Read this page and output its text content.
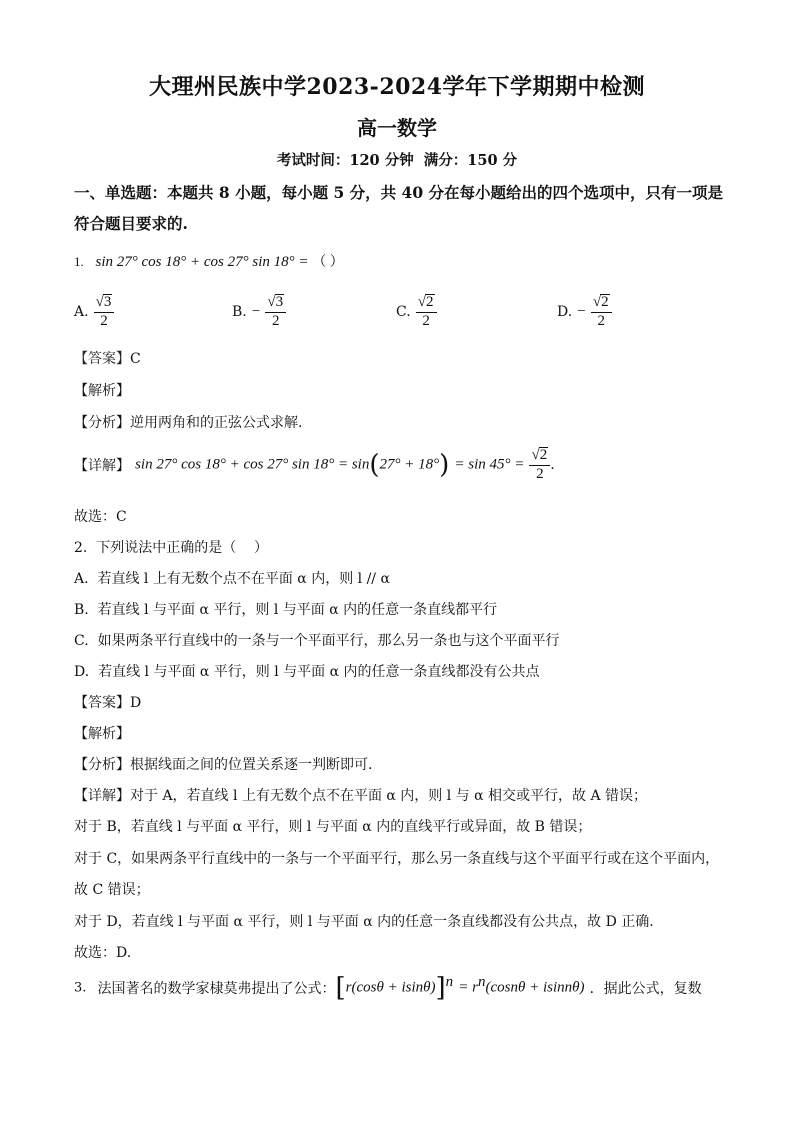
大理州民族中学2023-2024学年下学期期中检测
高一数学
考试时间：120 分钟  满分：150 分
一、单选题：本题共 8 小题，每小题 5 分，共 40 分在每小题给出的四个选项中，只有一项是
符合题目要求的.
1. sin 27° cos 18° + cos 27° sin 18° = （ ）
A. $\frac{√3}{2}$	B. − $\frac{√3}{2}$	C. $\frac{√2}{2}$	D. − $\frac{√2}{2}$
【答案】C
【解析】
【分析】逆用两角和的正弦公式求解.
【详解】 sin 27° cos 18° + cos 27° $\sin 18^\circ = \sin(27^\circ + 18^\circ) = \sin 45^\circ = \frac{√2}{2}$ .
故选：C
2.  下列说法中正确的是（    ）
A.  若直线 l 上有无数个点不在平面 α 内，则 l // α
B.  若直线 l 与平面 α 平行，则 l 与平面 α 内的任意一条直线都平行
C.  如果两条平行直线中的一条与一个平面平行，那么另一条也与这个平面平行
D.  若直线 l 与平面 α 平行，则 l 与平面 α 内的任意一条直线都没有公共点
【答案】D
【解析】
【分析】根据线面之间的位置关系逐一判断即可.
【详解】对于 A，若直线 l 上有无数个点不在平面 α 内，则 l 与 α 相交或平行，故 A 错误；
对于 B，若直线 l 与平面 α 平行，则 l 与平面 α 内的直线平行或异面，故 B 错误；
对于 C，如果两条平行直线中的一条与一个平面平行，那么另一条直线与这个平面平行或在这个平面内，
故 C 错误；
对于 D，若直线 l 与平面 α 平行，则 l 与平面 α 内的任意一条直线都没有公共点，故 D 正确.
故选：D.
3. 法国著名的数学家棣莫弗提出了公式：$[r(\cos\theta + isin\theta)]^n = r^n(\cos n\theta + isinn\theta)$ ．据此公式，复数
